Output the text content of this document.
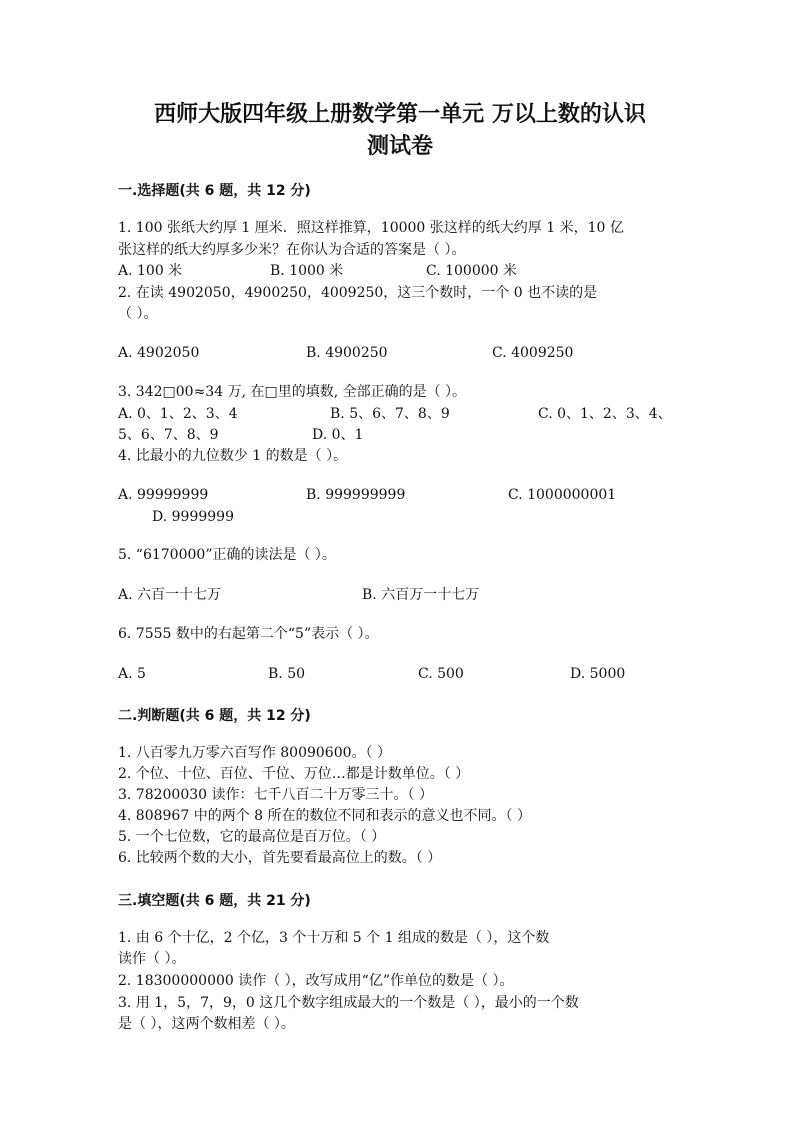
西师大版四年级上册数学第一单元 万以上数的认识
测试卷
一.选择题(共 6 题，共 12 分)
1. 100 张纸大约厚 1 厘米．照这样推算，10000 张这样的纸大约厚 1 米，10 亿
张这样的纸大约厚多少米？在你认为合适的答案是（ ）。
A. 100 米	B. 1000 米	C. 100000 米
2. 在读 4902050，4900250，4009250，这三个数时，一个 0 也不读的是
（ ）。
A. 4902050	B. 4900250	C. 4009250
3. 342□00≈34 万, 在□里的填数, 全部正确的是（ ）。
A. 0、1、2、3、4	B. 5、6、7、8、9	C. 0、1、2、3、4、
5、6、7、8、9	D. 0、1
4. 比最小的九位数少 1 的数是（ ）。
A. 99999999	B. 999999999	C. 1000000001
D. 9999999
5. “6170000”正确的读法是（ ）。
A. 六百一十七万	B. 六百万一十七万
6. 7555 数中的右起第二个“5”表示（ ）。
A. 5	B. 50	C. 500	D. 5000
二.判断题(共 6 题，共 12 分)
1. 八百零九万零六百写作 80090600。（ ）
2. 个位、十位、百位、千位、万位…都是计数单位。（ ）
3. 78200030 读作：七千八百二十万零三十。（ ）
4. 808967 中的两个 8 所在的数位不同和表示的意义也不同。（ ）
5. 一个七位数，它的最高位是百万位。（ ）
6. 比较两个数的大小，首先要看最高位上的数。（ ）
三.填空题(共 6 题，共 21 分)
1. 由 6 个十亿，2 个亿，3 个十万和 5 个 1 组成的数是（ ），这个数
读作（ ）。
2. 18300000000 读作（ ），改写成用“亿”作单位的数是（ ）。
3. 用 1，5，7，9，0 这几个数字组成最大的一个数是（ ），最小的一个数
是（ ），这两个数相差（ ）。
